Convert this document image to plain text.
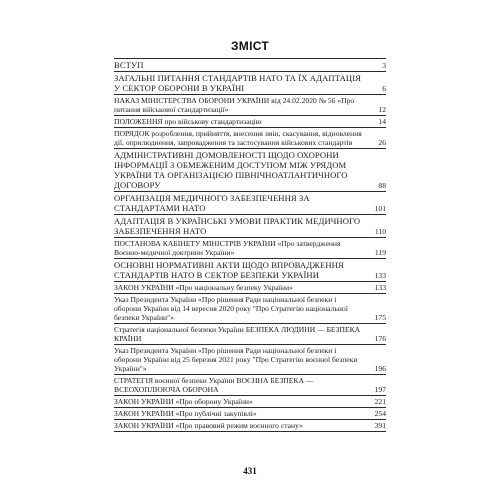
ЗМІСТ
ВСТУП	3
ЗАГАЛЬНІ ПИТАННЯ СТАНДАРТІВ НАТО ТА ЇХ АДАПТАЦІЯ У СЕКТОР ОБОРОНИ В УКРАЇНІ	6
НАКАЗ МІНІСТЕРСТВА ОБОРОНИ УКРАЇНИ від 24.02.2020 № 56 «Про питання військової стандартизації»	12
ПОЛОЖЕННЯ про військову стандартизацію	14
ПОРЯДОК розроблення, прийняття, внесення змін, скасування, відновлення дії, оприлюднення, запровадження та застосування військових стандартів	26
АДМІНІСТРАТИВНІ ДОМОВЛЕНОСТІ ЩОДО ОХОРОНИ ІНФОРМАЦІЇ З ОБМЕЖЕНИМ ДОСТУПОМ МІЖ УРЯДОМ УКРАЇНИ ТА ОРГАНІЗАЦІЄЮ ПІВНІЧНОАТЛАНТИЧНОГО ДОГОВОРУ	88
ОРГАНІЗАЦІЯ МЕДИЧНОГО ЗАБЕЗПЕЧЕННЯ ЗА СТАНДАРТАМИ НАТО	101
АДАПТАЦІЯ В УКРАЇНСЬКІ УМОВИ ПРАКТИК МЕДИЧНОГО ЗАБЕЗПЕЧЕННЯ НАТО	110
ПОСТАНОВА КАБІНЕТУ МІНІСТРІВ УКРАЇНИ «Про затвердження Воєнно-медичної доктрини України»	119
ОСНОВНІ НОРМАТИВНІ АКТИ ЩОДО ВПРОВАДЖЕННЯ СТАНДАРТІВ НАТО В СЕКТОР БЕЗПЕКИ УКРАЇНИ	133
ЗАКОН УКРАЇНИ «Про національну безпеку України»	133
Указ Президента України «Про рішення Ради національної безпеки і оборони України від 14 вересня 2020 року "Про Стратегію національної безпеки України"»	175
Стратегія національної безпеки України БЕЗПЕКА ЛЮДИНИ — БЕЗПЕКА КРАЇНИ	176
Указ Президента України «Про рішення Ради національної безпеки і оборони України від 25 березня 2021 року "Про Стратегію воєнної безпеки України"»	196
СТРАТЕГІЯ воєнної безпеки України ВОЄННА БЕЗПЕКА — ВСЕОХОПЛЮЮЧА ОБОРОНА	197
ЗАКОН УКРАЇНИ «Про оборону України»	221
ЗАКОН УКРАЇНИ «Про публічні закупівлі»	254
ЗАКОН УКРАЇНИ «Про правовий режим воєнного стану»	391
431
